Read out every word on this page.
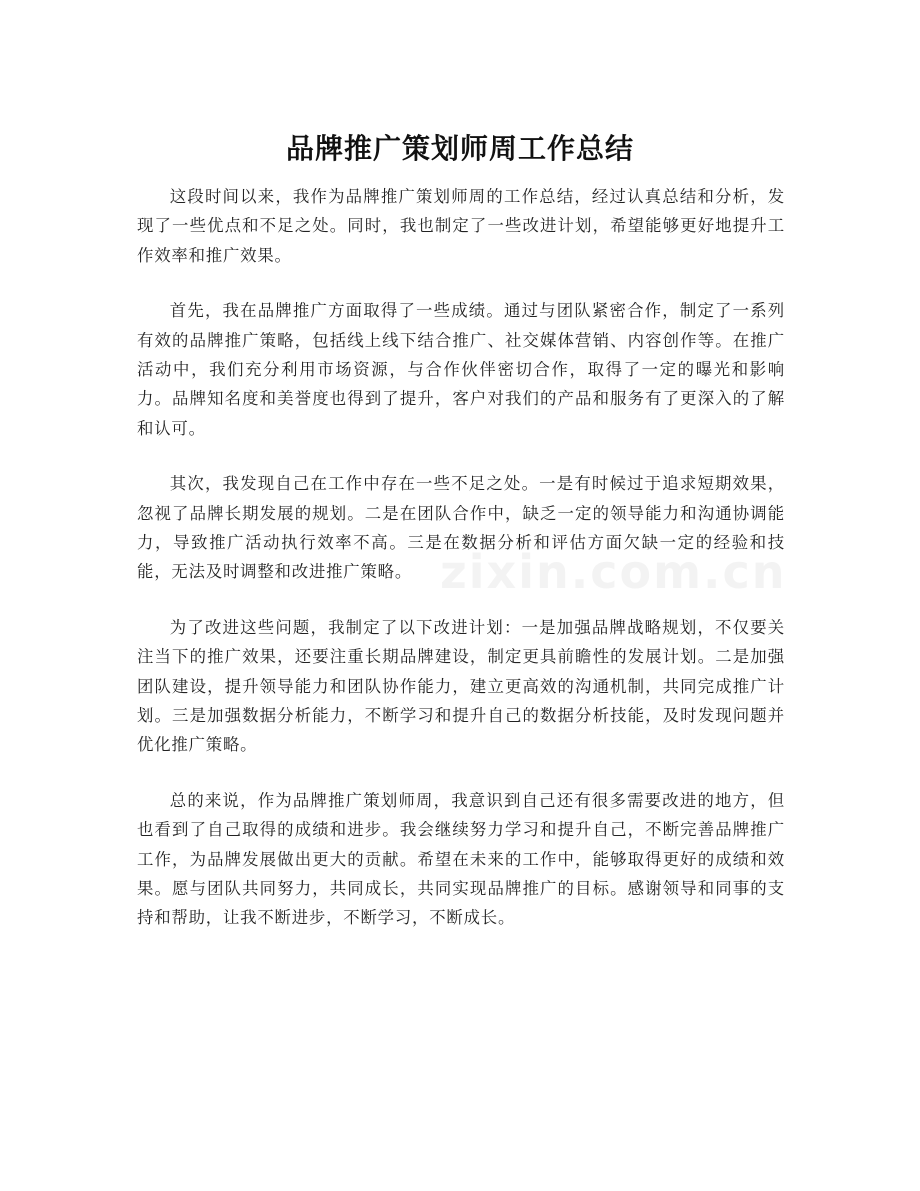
品牌推广策划师周工作总结

这段时间以来，我作为品牌推广策划师周的工作总结，经过认真总结和分析，发现了一些优点和不足之处。同时，我也制定了一些改进计划，希望能够更好地提升工作效率和推广效果。

首先，我在品牌推广方面取得了一些成绩。通过与团队紧密合作，制定了一系列有效的品牌推广策略，包括线上线下结合推广、社交媒体营销、内容创作等。在推广活动中，我们充分利用市场资源，与合作伙伴密切合作，取得了一定的曝光和影响力。品牌知名度和美誉度也得到了提升，客户对我们的产品和服务有了更深入的了解和认可。

其次，我发现自己在工作中存在一些不足之处。一是有时候过于追求短期效果，忽视了品牌长期发展的规划。二是在团队合作中，缺乏一定的领导能力和沟通协调能力，导致推广活动执行效率不高。三是在数据分析和评估方面欠缺一定的经验和技能，无法及时调整和改进推广策略。

为了改进这些问题，我制定了以下改进计划：一是加强品牌战略规划，不仅要关注当下的推广效果，还要注重长期品牌建设，制定更具前瞻性的发展计划。二是加强团队建设，提升领导能力和团队协作能力，建立更高效的沟通机制，共同完成推广计划。三是加强数据分析能力，不断学习和提升自己的数据分析技能，及时发现问题并优化推广策略。

总的来说，作为品牌推广策划师周，我意识到自己还有很多需要改进的地方，但也看到了自己取得的成绩和进步。我会继续努力学习和提升自己，不断完善品牌推广工作，为品牌发展做出更大的贡献。希望在未来的工作中，能够取得更好的成绩和效果。愿与团队共同努力，共同成长，共同实现品牌推广的目标。感谢领导和同事的支持和帮助，让我不断进步，不断学习，不断成长。

zixin.com.cn
